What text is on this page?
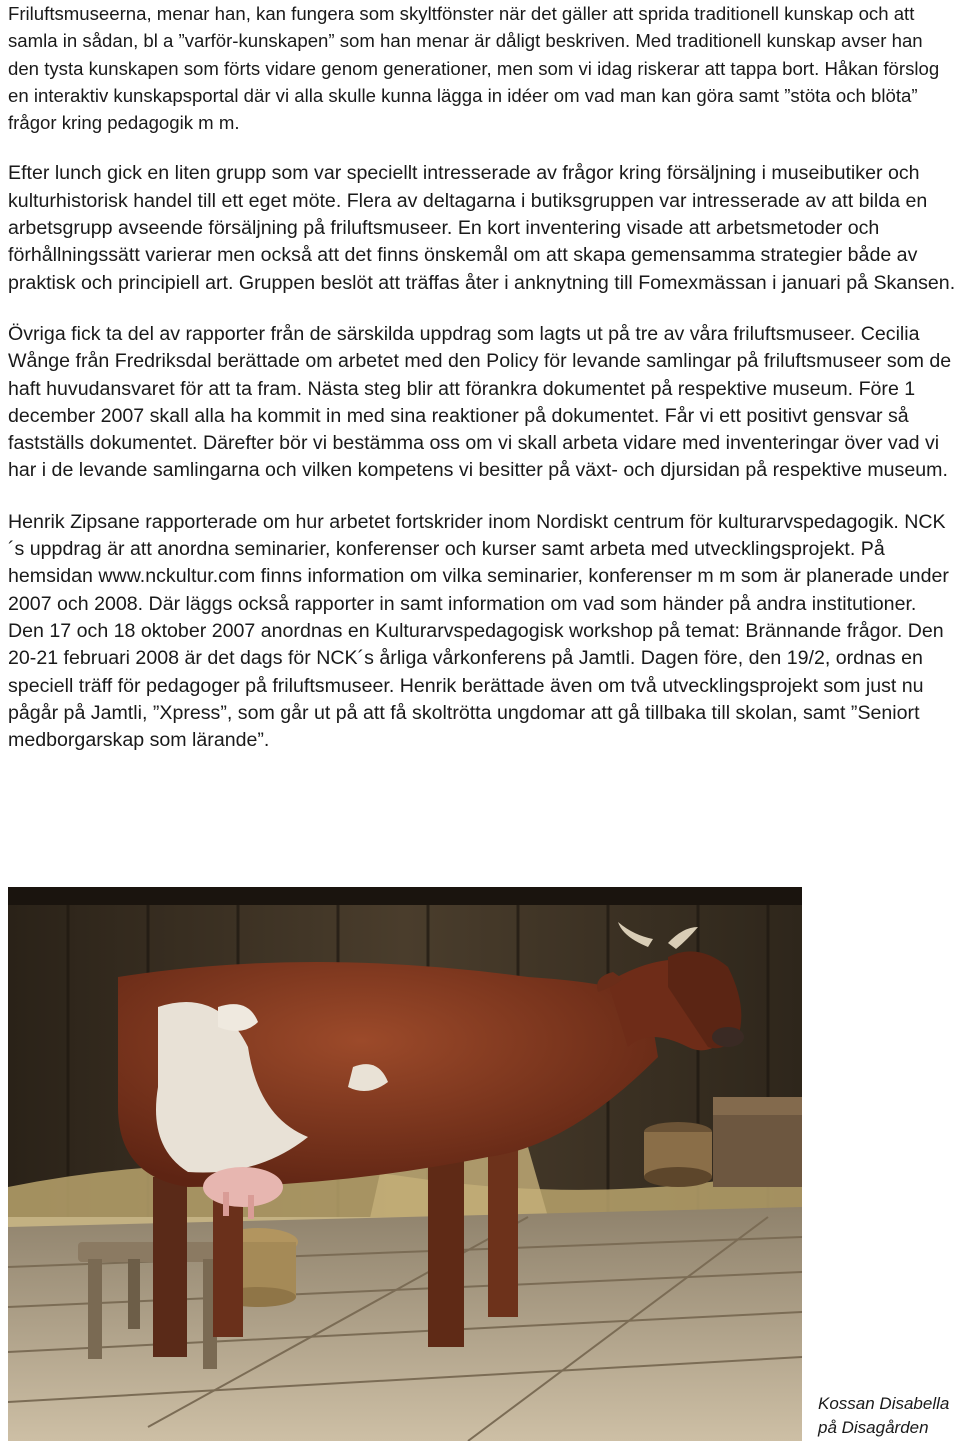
Friluftsmuseerna, menar han, kan fungera som skyltfönster när det gäller att sprida traditionell kunskap och att samla in sådan, bl a ”varför-kunskapen” som han menar är dåligt beskriven. Med traditionell kunskap avser han den tysta kunskapen som förts vidare genom generationer, men som vi idag riskerar att tappa bort. Håkan förslog en interaktiv kunskapsportal där vi alla skulle kunna lägga in idéer om vad man kan göra samt ”stöta och blöta” frågor kring pedagogik m m.

Efter lunch gick en liten grupp som var speciellt intresserade av frågor kring försäljning i museibutiker och kulturhistorisk handel till ett eget möte. Flera av deltagarna i butiksgruppen var intresserade av att bilda en arbetsgrupp avseende försäljning på friluftsmuseer. En kort inventering visade att arbetsmetoder och förhållningssätt varierar men också att det finns önskemål om att skapa gemensamma strategier både av praktisk och principiell art. Gruppen beslöt att träffas åter i anknytning till Fomexmässan i januari på Skansen.

Övriga fick ta del av rapporter från de särskilda uppdrag som lagts ut på tre av våra friluftsmuseer. Cecilia Wånge från Fredriksdal berättade om arbetet med den Policy för levande samlingar på friluftsmuseer som de haft huvudansvaret för att ta fram. Nästa steg blir att förankra dokumentet på respektive museum. Före 1 december 2007 skall alla ha kommit in med sina reaktioner på dokumentet. Får vi ett positivt gensvar så fastställs dokumentet. Därefter bör vi bestämma oss om vi skall arbeta vidare med inventeringar över vad vi har i de levande samlingarna och vilken kompetens vi besitter på växt- och djursidan på respektive museum.

Henrik Zipsane rapporterade om hur arbetet fortskrider inom Nordiskt centrum för kulturarvspedagogik. NCK´s uppdrag är att anordna seminarier, konferenser och kurser samt arbeta med utvecklingsprojekt. På hemsidan www.nckultur.com finns information om vilka seminarier, konferenser m m som är planerade under 2007 och 2008. Där läggs också rapporter in samt information om vad som händer på andra institutioner. Den 17 och 18 oktober 2007 anordnas en Kulturarvspedagogisk workshop på temat: Brännande frågor. Den 20-21 februari 2008 är det dags för NCK´s årliga vårkonferens på Jamtli. Dagen före, den 19/2, ordnas en speciell träff för pedagoger på friluftsmuseer. Henrik berättade även om två utvecklingsprojekt som just nu pågår på Jamtli, ”Xpress”, som går ut på att få skoltrötta ungdomar att gå tillbaka till skolan, samt ”Seniort medborgarskap som lärande”.

Kossan Disabella
på Disagården
